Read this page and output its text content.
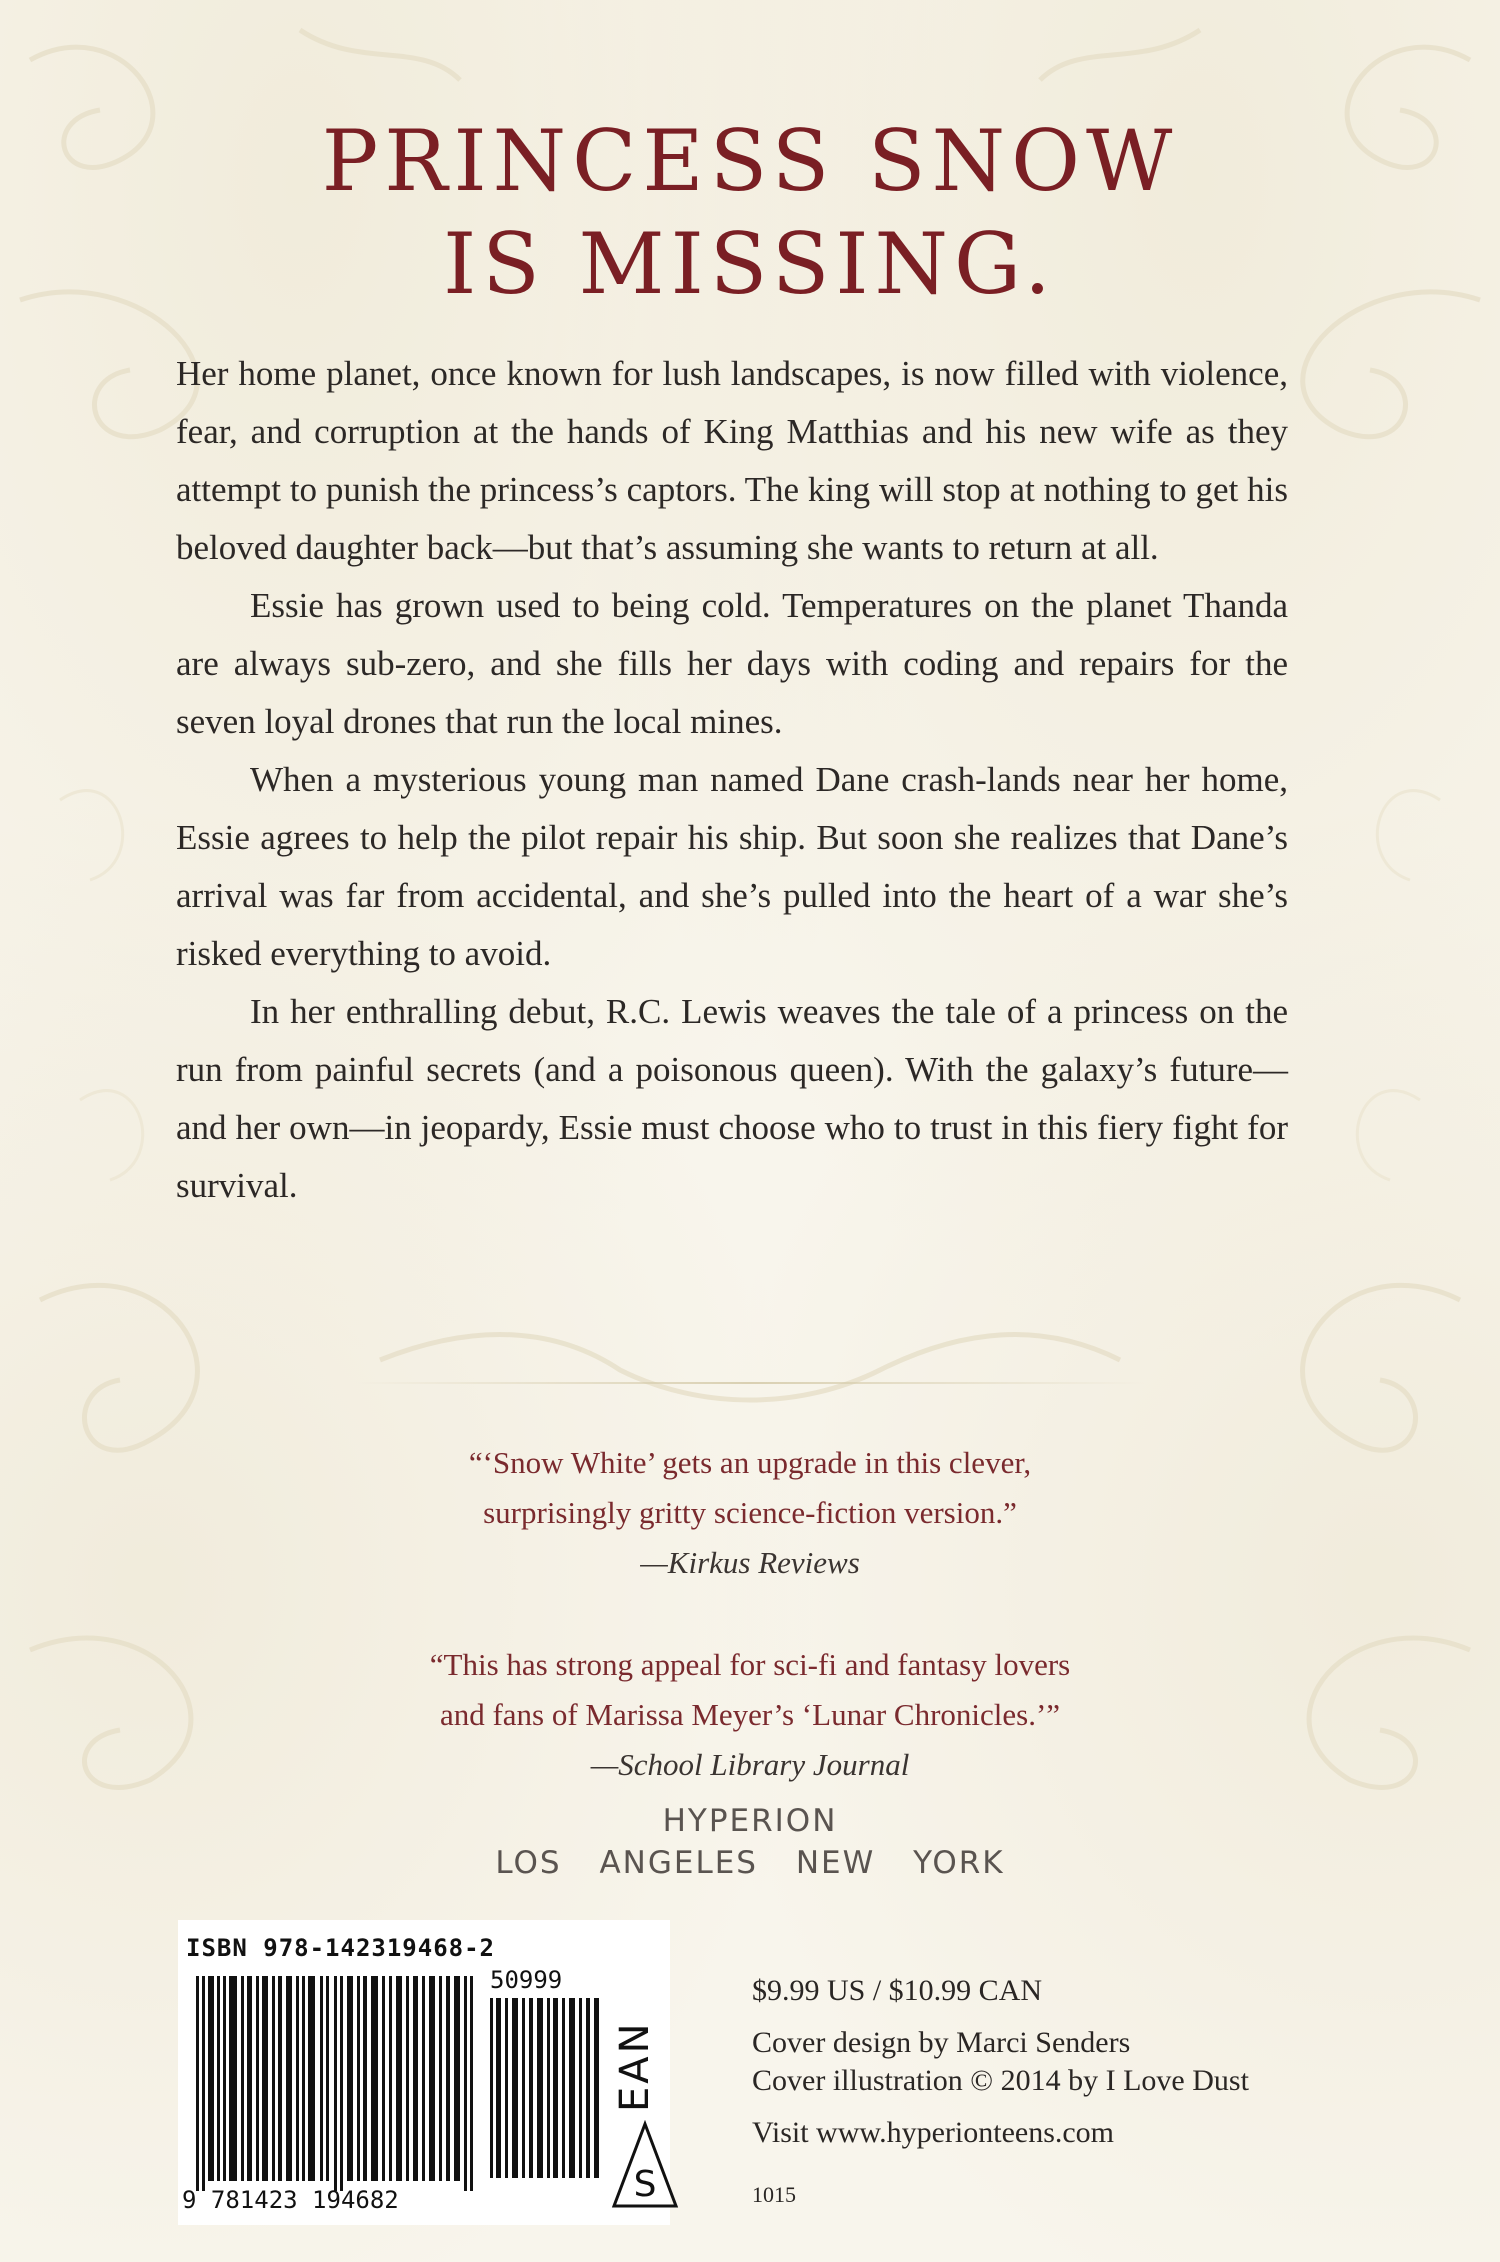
PRINCESS SNOW
IS MISSING.

Her home planet, once known for lush landscapes, is now filled with violence, fear, and corruption at the hands of King Matthias and his new wife as they attempt to punish the princess’s captors. The king will stop at nothing to get his beloved daughter back—but that’s assuming she wants to return at all.

Essie has grown used to being cold. Temperatures on the planet Thanda are always sub-zero, and she fills her days with coding and repairs for the seven loyal drones that run the local mines.

When a mysterious young man named Dane crash-lands near her home, Essie agrees to help the pilot repair his ship. But soon she realizes that Dane’s arrival was far from accidental, and she’s pulled into the heart of a war she’s risked everything to avoid.

In her enthralling debut, R.C. Lewis weaves the tale of a princess on the run from painful secrets (and a poisonous queen). With the galaxy’s future—and her own—in jeopardy, Essie must choose who to trust in this fiery fight for survival.

“‘Snow White’ gets an upgrade in this clever,
surprisingly gritty science-fiction version.”
—Kirkus Reviews
“This has strong appeal for sci-fi and fantasy lovers
and fans of Marissa Meyer’s ‘Lunar Chronicles.’”
—School Library Journal
HYPERION
LOS ANGELES NEW YORK
ISBN 978-142319468-2
50999
9 781423 194682
EAN
S
$9.99 US / $10.99 CAN
Cover design by Marci Senders
Cover illustration © 2014 by I Love Dust
Visit www.hyperionteens.com
1015
